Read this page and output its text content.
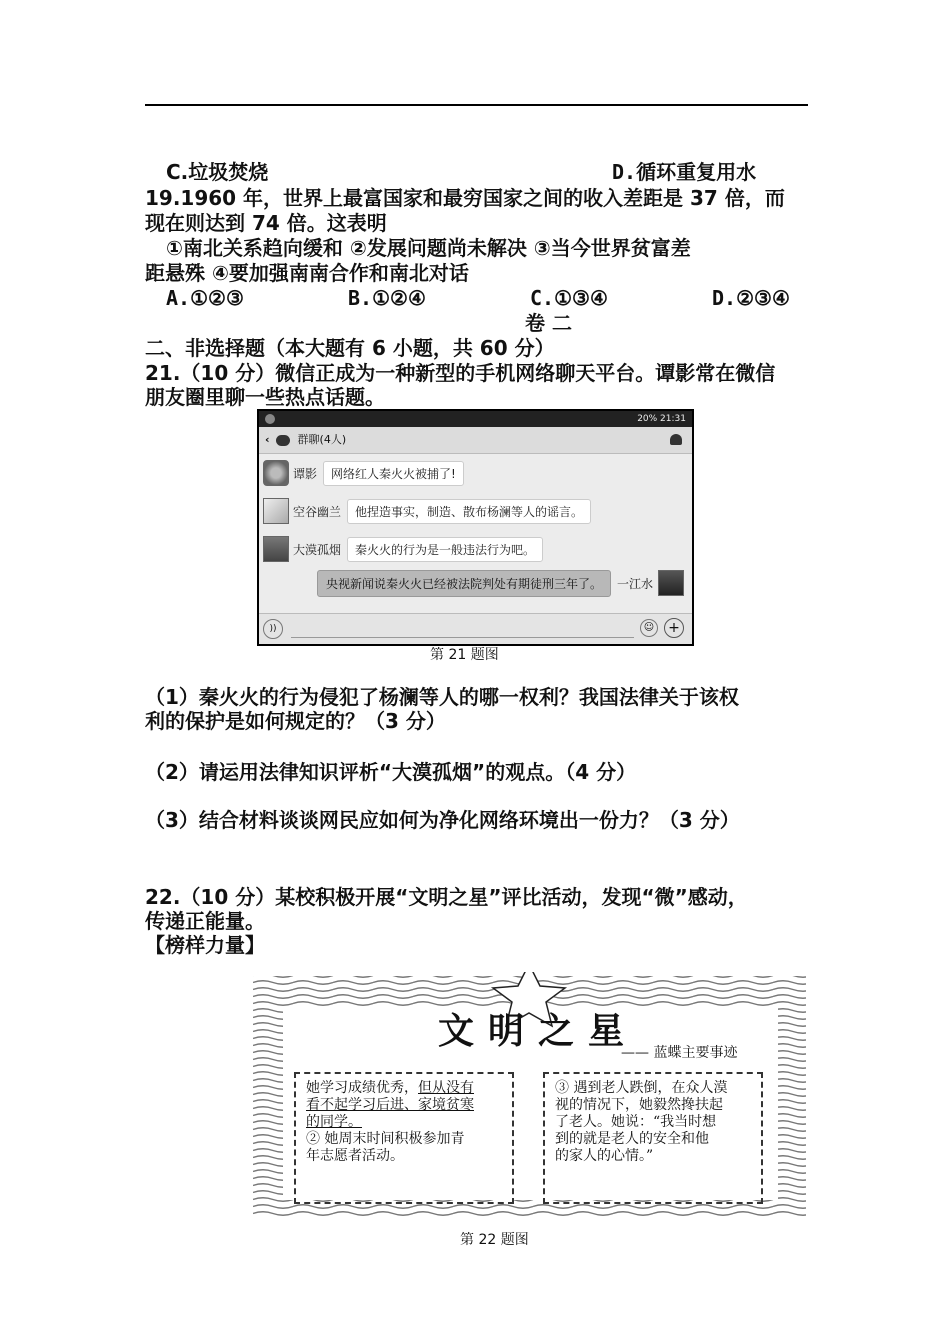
C.垃圾焚烧	D.循环重复用水
19.1960 年，世界上最富国家和最穷国家之间的收入差距是 37 倍，而
现在则达到 74 倍。这表明
①南北关系趋向缓和 ②发展问题尚未解决 ③当今世界贫富差
距悬殊 ④要加强南南合作和南北对话
A.①②③	B.①②④	C.①③④	D.②③④
卷 二
二、非选择题（本大题有 6 小题，共 60 分）
21.（10 分）微信正成为一种新型的手机网络聊天平台。谭影常在微信
朋友圈里聊一些热点话题。
20% 21:31
‹	群聊(4人)
谭影	网络红人秦火火被捕了!
空谷幽兰	他捏造事实，制造、散布杨澜等人的谣言。
大漠孤烟	秦火火的行为是一般违法行为吧。
央视新闻说秦火火已经被法院判处有期徒刑三年了。	一江水
))	☺ +
第 21 题图
（1）秦火火的行为侵犯了杨澜等人的哪一权利？我国法律关于该权
利的保护是如何规定的？（3 分）
（2）请运用法律知识评析“大漠孤烟”的观点。（4 分）
（3）结合材料谈谈网民应如何为净化网络环境出一份力？（3 分）
22.（10 分）某校积极开展“文明之星”评比活动，发现“微”感动，
传递正能量。
【榜样力量】
文明之星
—— 蓝蝶主要事迹
她学习成绩优秀，但从没有
看不起学习后进、家境贫寒
的同学。
② 她周末时间积极参加青
年志愿者活动。
③ 遇到老人跌倒，在众人漠
视的情况下，她毅然搀扶起
了老人。她说：“我当时想
到的就是老人的安全和他
的家人的心情。”
第 22 题图
